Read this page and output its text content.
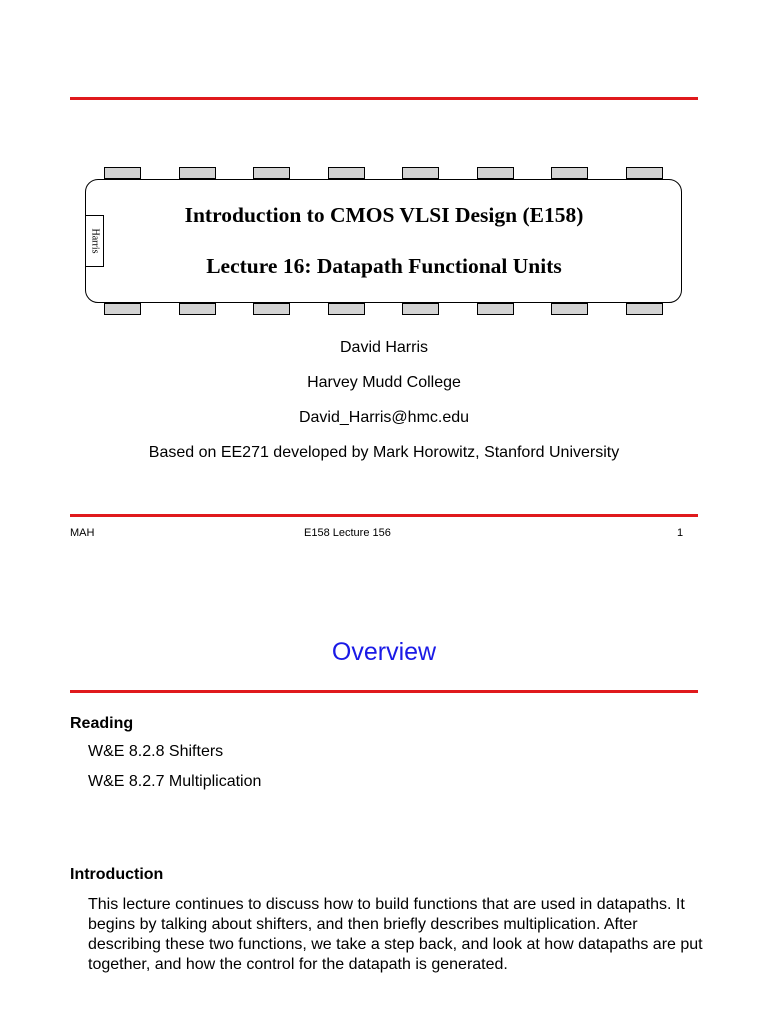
Harris
Introduction to CMOS VLSI Design (E158)
Lecture 16: Datapath Functional Units
David Harris
Harvey Mudd College
David_Harris@hmc.edu
Based on EE271 developed by Mark Horowitz, Stanford University
MAH	E158 Lecture 156	1
Overview
Reading
W&E 8.2.8 Shifters
W&E 8.2.7 Multiplication
Introduction
This lecture continues to discuss how to build functions that are used in datapaths. It begins by talking about shifters, and then briefly describes multiplication. After describing these two functions, we take a step back, and look at how datapaths are put together, and how the control for the datapath is generated.
